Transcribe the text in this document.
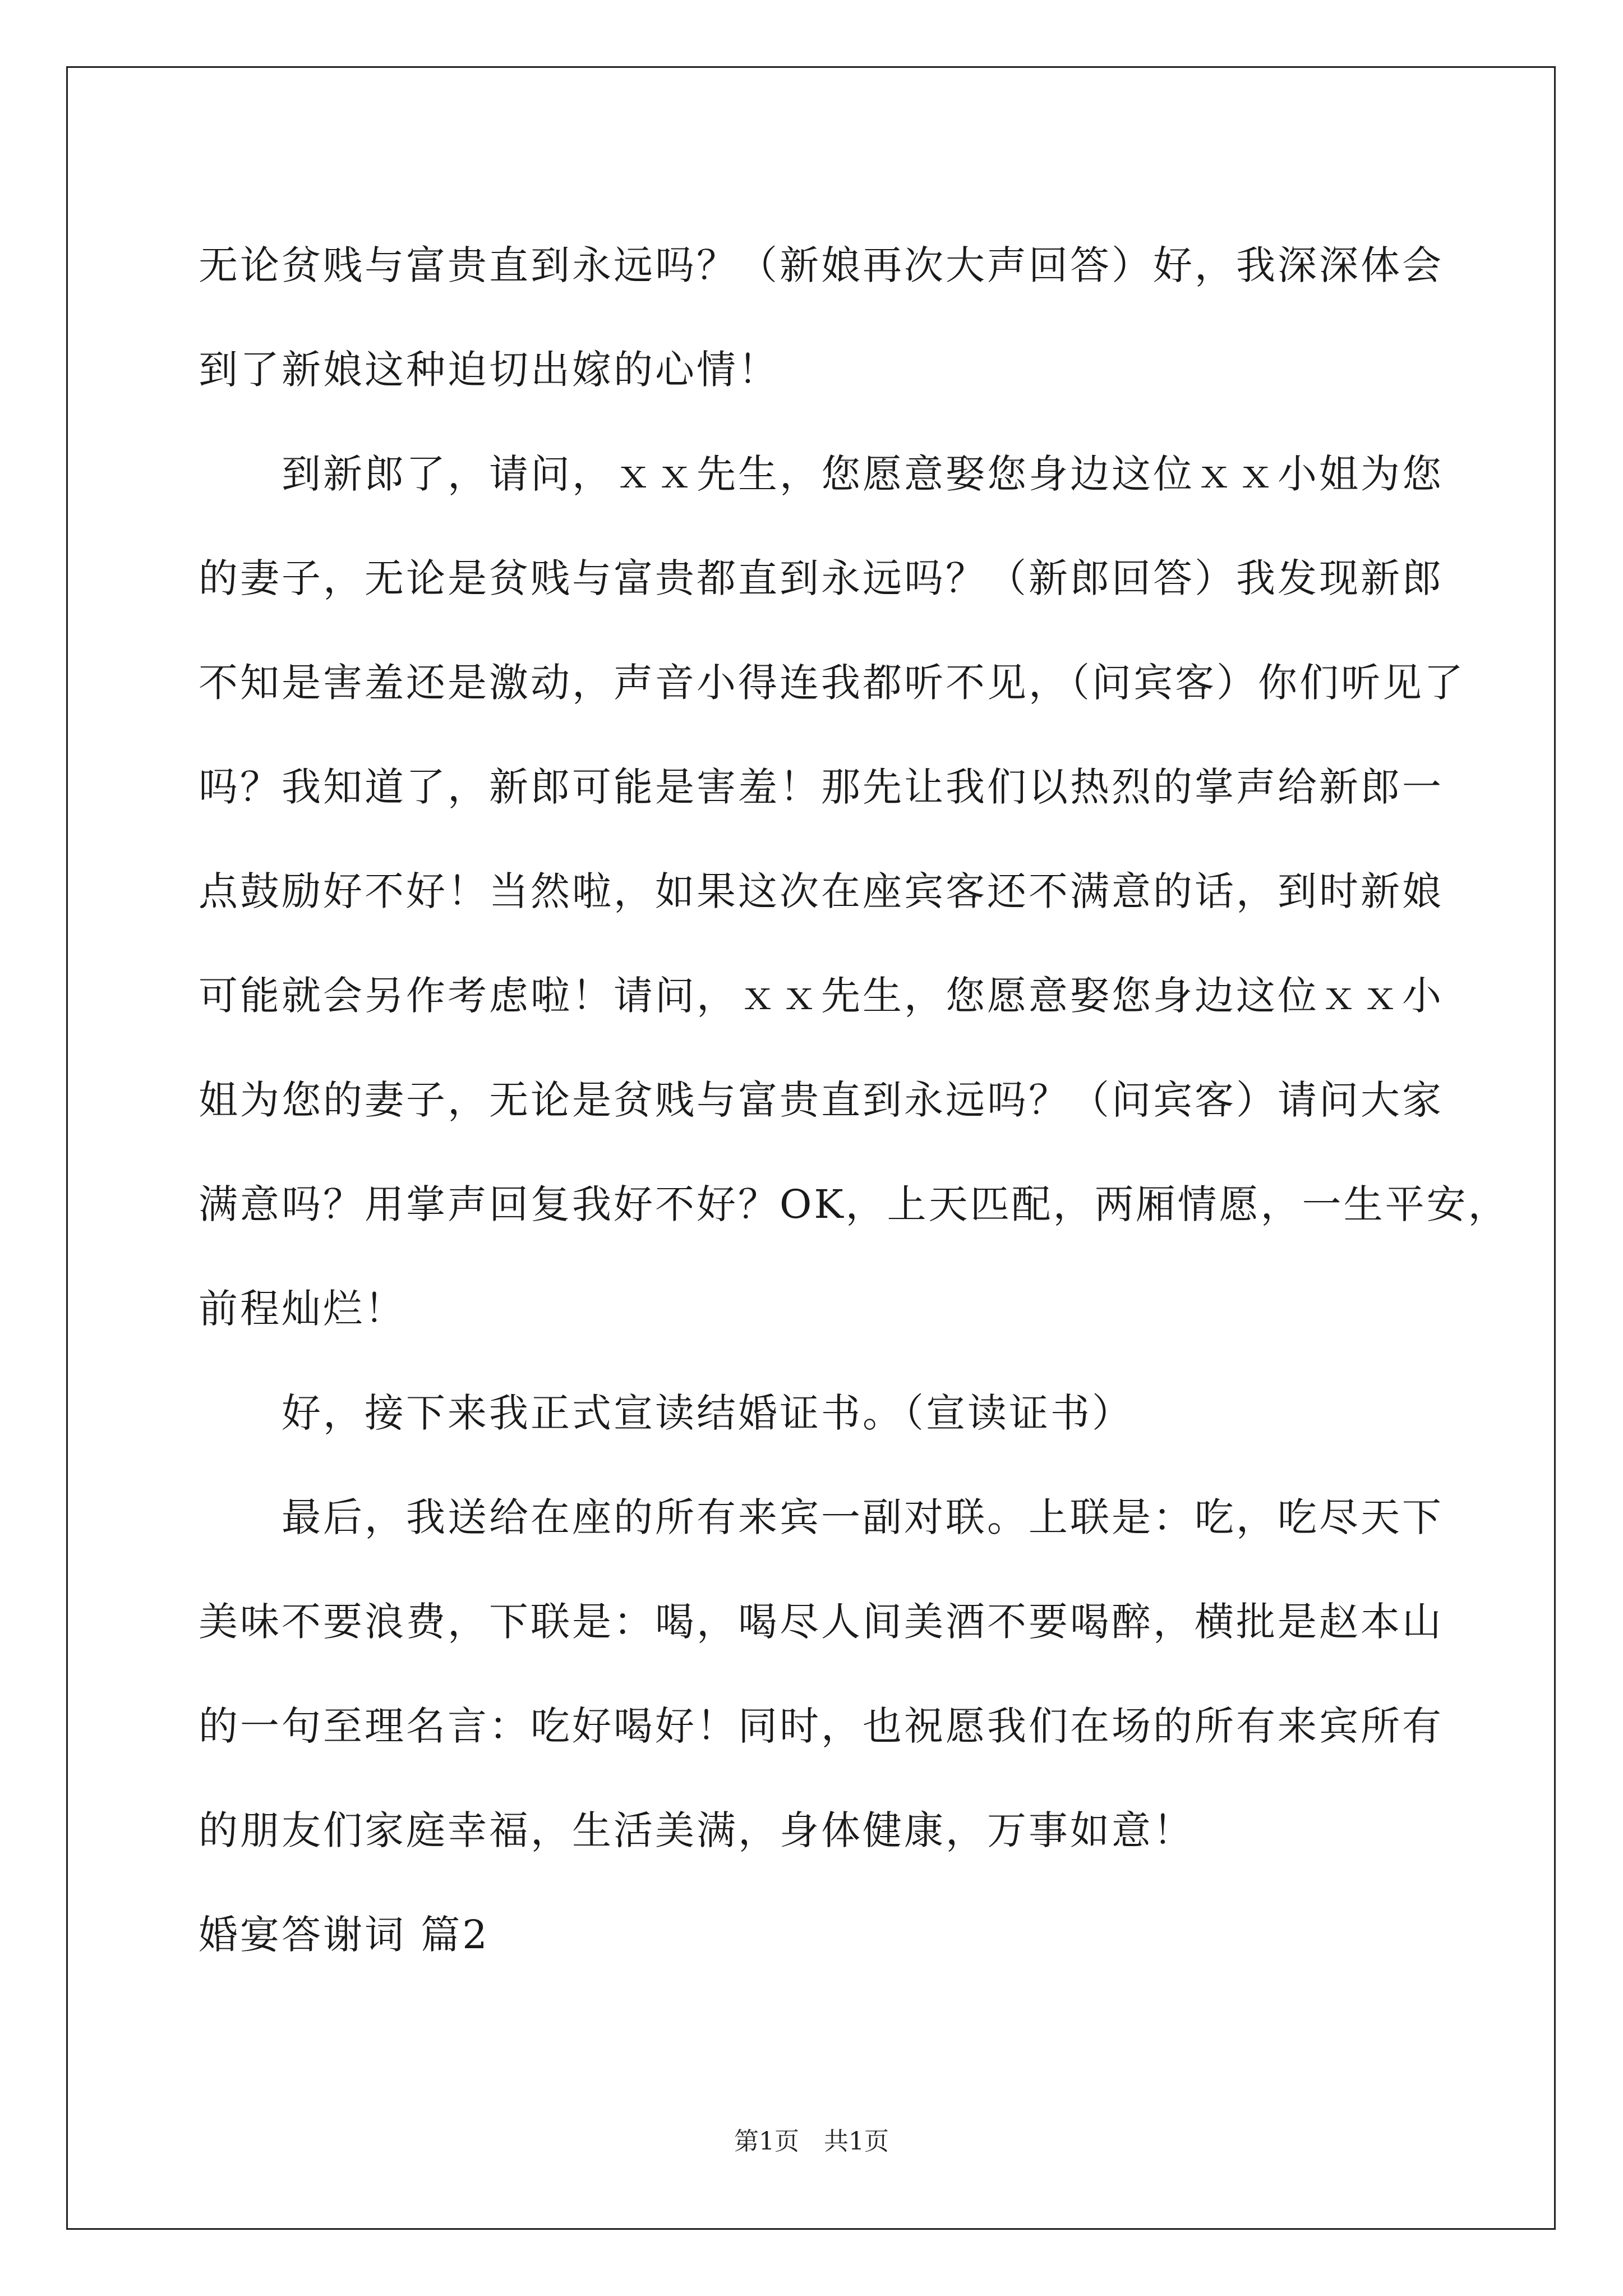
无论贫贱与富贵直到永远吗？（新娘再次大声回答）好，我深深体会
到了新娘这种迫切出嫁的心情！
到新郎了，请问，ｘｘ先生，您愿意娶您身边这位ｘｘ小姐为您
的妻子，无论是贫贱与富贵都直到永远吗？（新郎回答）我发现新郎
不知是害羞还是激动，声音小得连我都听不见，（问宾客）你们听见了
吗？我知道了，新郎可能是害羞！那先让我们以热烈的掌声给新郎一
点鼓励好不好！当然啦，如果这次在座宾客还不满意的话，到时新娘
可能就会另作考虑啦！请问，ｘｘ先生，您愿意娶您身边这位ｘｘ小
姐为您的妻子，无论是贫贱与富贵直到永远吗？（问宾客）请问大家
满意吗？用掌声回复我好不好？OK，上天匹配，两厢情愿，一生平安，
前程灿烂！
好，接下来我正式宣读结婚证书。（宣读证书）
最后，我送给在座的所有来宾一副对联。上联是：吃，吃尽天下
美味不要浪费，下联是：喝，喝尽人间美酒不要喝醉，横批是赵本山
的一句至理名言：吃好喝好！同时，也祝愿我们在场的所有来宾所有
的朋友们家庭幸福，生活美满，身体健康，万事如意！
婚宴答谢词 篇2
第1页　共1页
